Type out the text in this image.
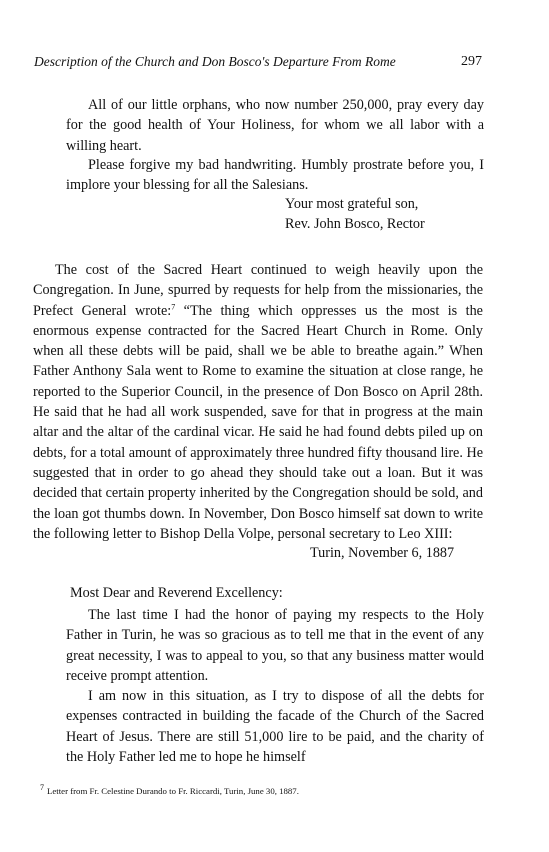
Description of the Church and Don Bosco's Departure From Rome	297

All of our little orphans, who now number 250,000, pray every day for the good health of Your Holiness, for whom we all labor with a willing heart.

Please forgive my bad handwriting. Humbly prostrate before you, I implore your blessing for all the Salesians.

Your most grateful son,
Rev. John Bosco, Rector

The cost of the Sacred Heart continued to weigh heavily upon the Congregation. In June, spurred by requests for help from the missionaries, the Prefect General wrote:$^7$ “The thing which oppresses us the most is the enormous expense contracted for the Sacred Heart Church in Rome. Only when all these debts will be paid, shall we be able to breathe again.” When Father Anthony Sala went to Rome to examine the situation at close range, he reported to the Superior Council, in the presence of Don Bosco on April 28th. He said that he had all work suspended, save for that in progress at the main altar and the altar of the cardinal vicar. He said he had found debts piled up on debts, for a total amount of approximately three hundred fifty thousand lire. He suggested that in order to go ahead they should take out a loan. But it was decided that certain property inherited by the Congregation should be sold, and the loan got thumbs down. In November, Don Bosco himself sat down to write the following letter to Bishop Della Volpe, personal secretary to Leo XIII:

Turin, November 6, 1887
Most Dear and Reverend Excellency:

The last time I had the honor of paying my respects to the Holy Father in Turin, he was so gracious as to tell me that in the event of any great necessity, I was to appeal to you, so that any business matter would receive prompt attention.

I am now in this situation, as I try to dispose of all the debts for expenses contracted in building the facade of the Church of the Sacred Heart of Jesus. There are still 51,000 lire to be paid, and the charity of the Holy Father led me to hope he himself

7 Letter from Fr. Celestine Durando to Fr. Riccardi, Turin, June 30, 1887.
